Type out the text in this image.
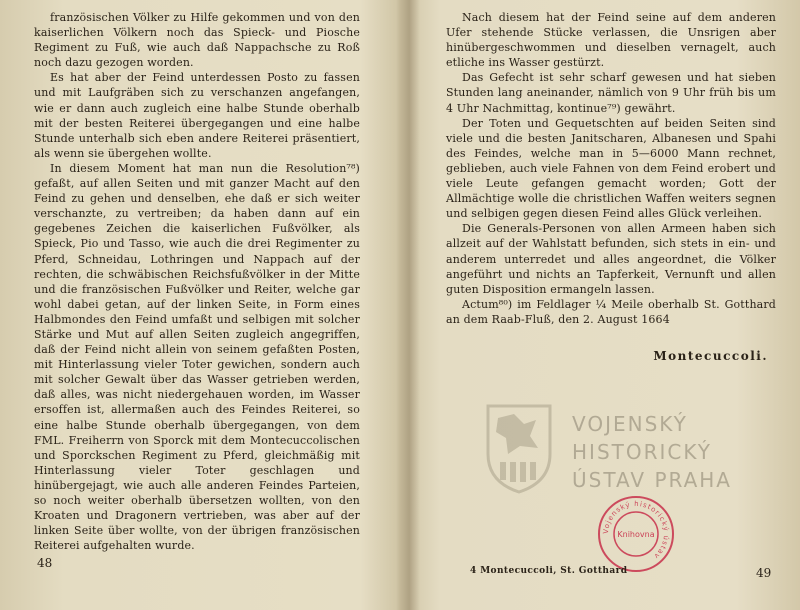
französischen Völker zu Hilfe gekommen und von den kaiserlichen Völkern noch das Spieck- und Piosche Regiment zu Fuß, wie auch daß Nappachsche zu Roß noch dazu gezogen worden.

Es hat aber der Feind unterdessen Posto zu fassen und mit Laufgräben sich zu verschanzen angefangen, wie er dann auch zugleich eine halbe Stunde oberhalb mit der besten Reiterei übergegangen und eine halbe Stunde unterhalb sich eben andere Reiterei präsentiert, als wenn sie übergehen wollte.

In diesem Moment hat man nun die Resolution⁷⁸) gefaßt, auf allen Seiten und mit ganzer Macht auf den Feind zu gehen und denselben, ehe daß er sich weiter verschanzte, zu vertreiben; da haben dann auf ein gegebenes Zeichen die kaiserlichen Fußvölker, als Spieck, Pio und Tasso, wie auch die drei Regimenter zu Pferd, Schneidau, Lothringen und Nappach auf der rechten, die schwäbischen Reichsfußvölker in der Mitte und die französischen Fußvölker und Reiter, welche gar wohl dabei getan, auf der linken Seite, in Form eines Halbmondes den Feind umfaßt und selbigen mit solcher Stärke und Mut auf allen Seiten zugleich angegriffen, daß der Feind nicht allein von seinem gefaßten Posten, mit Hinterlassung vieler Toter gewichen, sondern auch mit solcher Gewalt über das Wasser getrieben werden, daß alles, was nicht niedergehauen worden, im Wasser ersoffen ist, allermaßen auch des Feindes Reiterei, so eine halbe Stunde oberhalb übergegangen, von dem FML. Freiherrn von Sporck mit dem Montecuccolischen und Sporckschen Regiment zu Pferd, gleichmäßig mit Hinterlassung vieler Toter geschlagen und hinübergejagt, wie auch alle anderen Feindes Parteien, so noch weiter oberhalb übersetzen wollten, von den Kroaten und Dragonern vertrieben, was aber auf der linken Seite über wollte, von der übrigen französischen Reiterei aufgehalten wurde.

48

Nach diesem hat der Feind seine auf dem anderen Ufer stehende Stücke verlassen, die Unsrigen aber hinübergeschwommen und dieselben vernagelt, auch etliche ins Wasser gestürzt.

Das Gefecht ist sehr scharf gewesen und hat sieben Stunden lang aneinander, nämlich von 9 Uhr früh bis um 4 Uhr Nachmittag, kontinue⁷⁹) gewährt.

Der Toten und Gequetschten auf beiden Seiten sind viele und die besten Janitscharen, Albanesen und Spahi des Feindes, welche man in 5—6000 Mann rechnet, geblieben, auch viele Fahnen von dem Feind erobert und viele Leute gefangen gemacht worden; Gott der Allmächtige wolle die christlichen Waffen weiters segnen und selbigen gegen diesen Feind alles Glück verleihen.

Die Generals-Personen von allen Armeen haben sich allzeit auf der Wahlstatt befunden, sich stets in ein- und anderem unterredet und alles angeordnet, die Völker angeführt und nichts an Tapferkeit, Vernunft und allen guten Disposition ermangeln lassen.

Actum⁸⁰) im Feldlager ¼ Meile oberhalb St. Gotthard an dem Raab-Fluß, den 2. August 1664

Montecuccoli.
VOJENSKÝ
HISTORICKÝ
ÚSTAV PRAHA
Vojenský historický ústav
Knihovna
4 Montecuccoli, St. Gotthard	49
